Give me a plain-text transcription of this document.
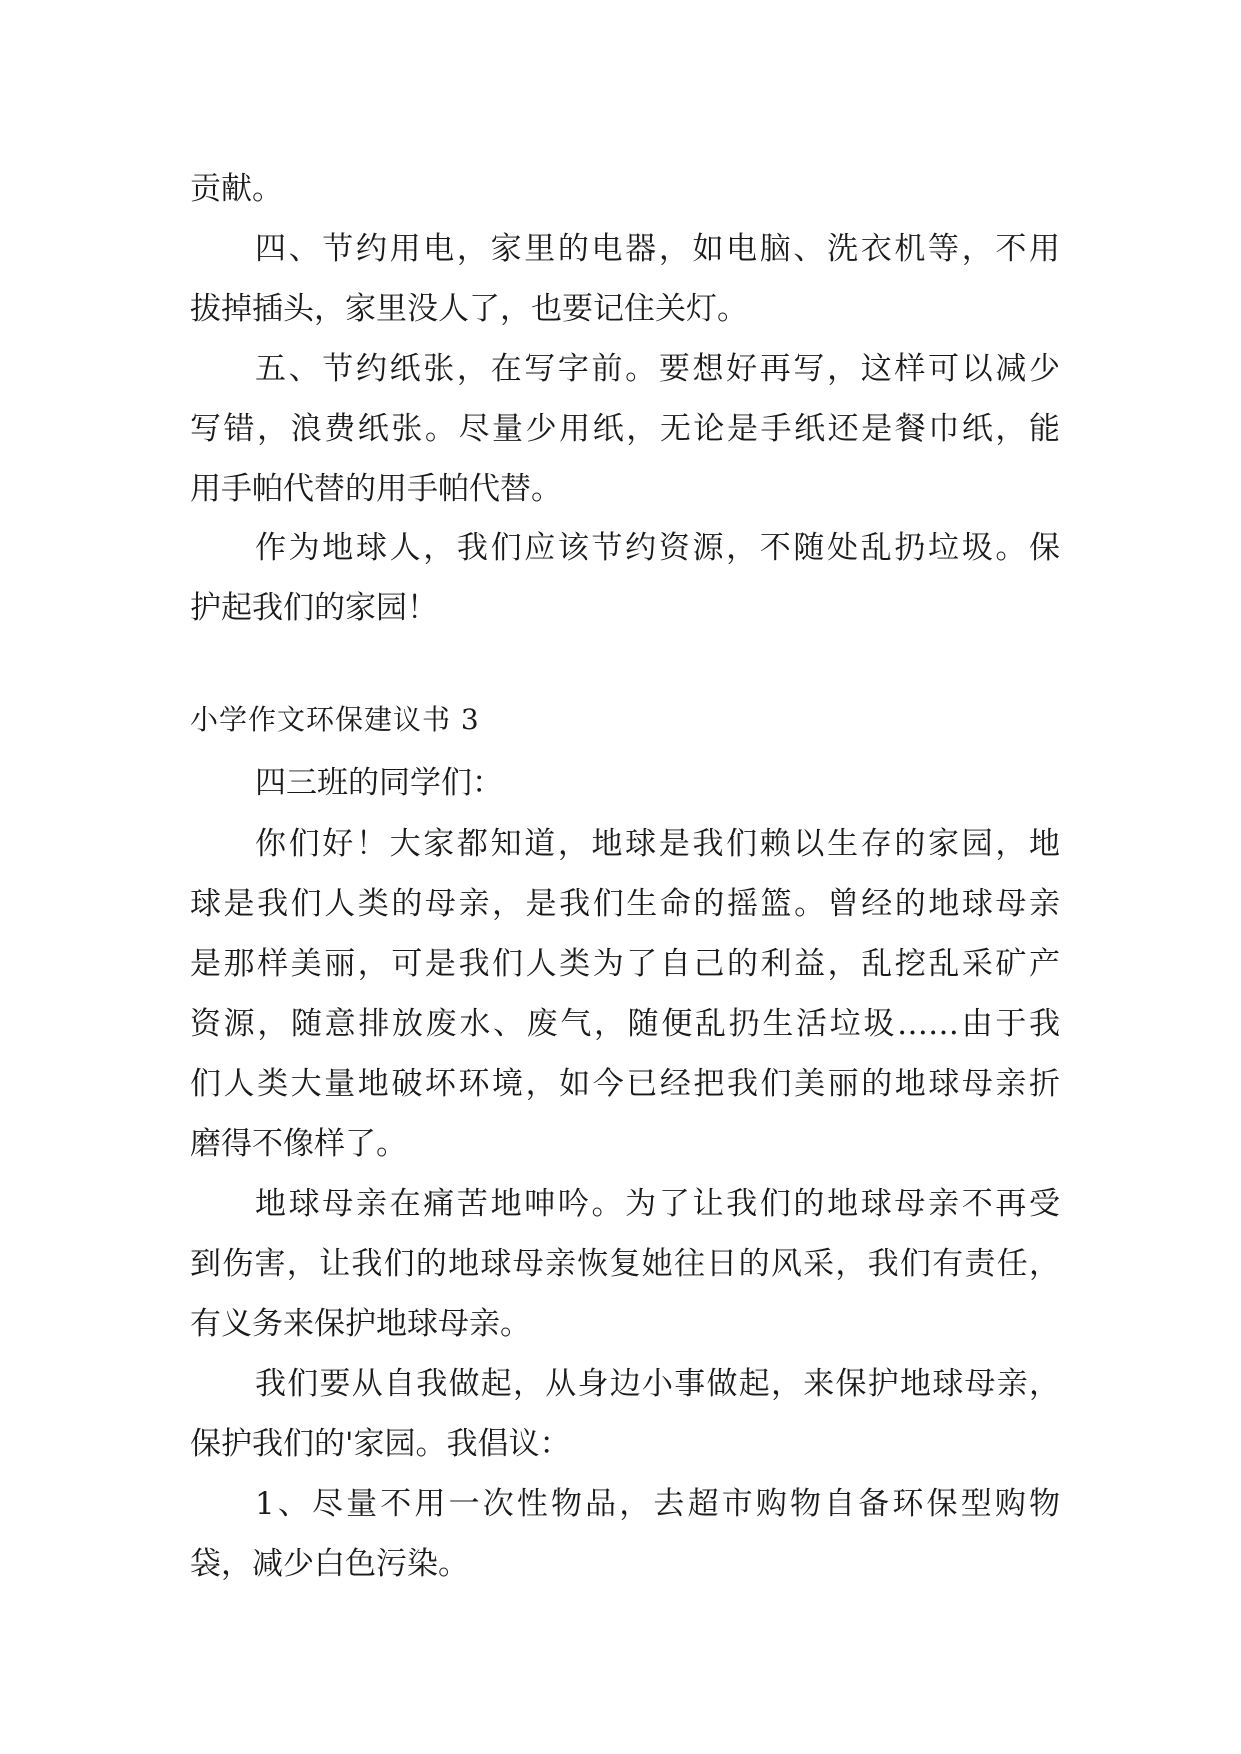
贡献。
四、节约用电，家里的电器，如电脑、洗衣机等，不用
拔掉插头，家里没人了，也要记住关灯。
五、节约纸张，在写字前。要想好再写，这样可以减少
写错，浪费纸张。尽量少用纸，无论是手纸还是餐巾纸，能
用手帕代替的用手帕代替。
作为地球人，我们应该节约资源，不随处乱扔垃圾。保
护起我们的家园！
小学作文环保建议书 3
四三班的同学们：
你们好！大家都知道，地球是我们赖以生存的家园，地
球是我们人类的母亲，是我们生命的摇篮。曾经的地球母亲
是那样美丽，可是我们人类为了自己的利益，乱挖乱采矿产
资源，随意排放废水、废气，随便乱扔生活垃圾……由于我
们人类大量地破坏环境，如今已经把我们美丽的地球母亲折
磨得不像样了。
地球母亲在痛苦地呻吟。为了让我们的地球母亲不再受
到伤害，让我们的地球母亲恢复她往日的风采，我们有责任，
有义务来保护地球母亲。
我们要从自我做起，从身边小事做起，来保护地球母亲，
保护我们的'家园。我倡议：
1、尽量不用一次性物品，去超市购物自备环保型购物
袋，减少白色污染。
